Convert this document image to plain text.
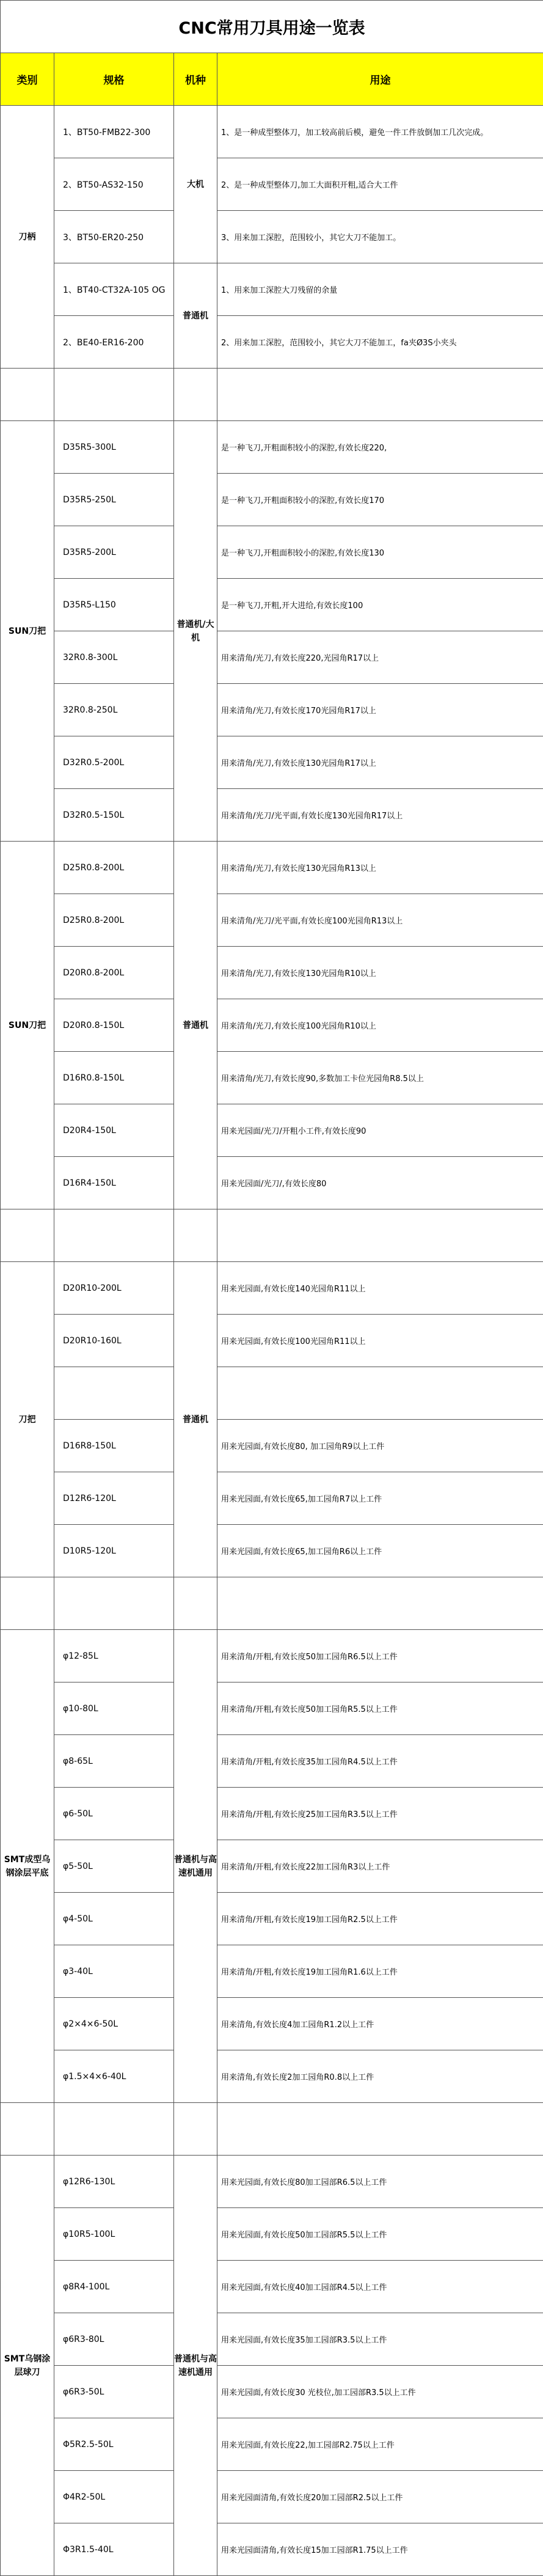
CNC常用刀具用途一览表			
类别	规格	机种	用途
刀柄	1、BT50-FMB22-300	大机	1、是一种成型整体刀，加工较高前后模，避免一件工件放倒加工几次完成。
	2、BT50-AS32-150		2、是一种成型整体刀,加工大面积开粗,适合大工件
	3、BT50-ER20-250		3、用来加工深腔，范围较小，其它大刀不能加工。
	1、BT40-CT32A-105 OG	普通机	1、用来加工深腔大刀残留的余量
	2、BE40-ER16-200		2、用来加工深腔，范围较小，其它大刀不能加工，fa夹Ø3S小夹头

SUN刀把	D35R5-300L	普通机/大机	是一种飞刀,开粗面积较小的深腔,有效长度220,
	D35R5-250L		是一种飞刀,开粗面积较小的深腔,有效长度170
	D35R5-200L		是一种飞刀,开粗面积较小的深腔,有效长度130
	D35R5-L150		是一种飞刀,开粗,开大进给,有效长度100
	32R0.8-300L		用来清角/光刀,有效长度220,光园角R17以上
	32R0.8-250L		用来清角/光刀,有效长度170光园角R17以上
	D32R0.5-200L		用来清角/光刀,有效长度130光园角R17以上
	D32R0.5-150L		用来清角/光刀/光平面,有效长度130光园角R17以上
SUN刀把	D25R0.8-200L	普通机	用来清角/光刀,有效长度130光园角R13以上
	D25R0.8-200L		用来清角/光刀/光平面,有效长度100光园角R13以上
	D20R0.8-200L		用来清角/光刀,有效长度130光园角R10以上
	D20R0.8-150L		用来清角/光刀,有效长度100光园角R10以上
	D16R0.8-150L		用来清角/光刀,有效长度90,多数加工卡位光园角R8.5以上
	D20R4-150L		用来光园面/光刀/开粗小工件,有效长度90
	D16R4-150L		用来光园面/光刀/,有效长度80

刀把	D20R10-200L	普通机	用来光园面,有效长度140光园角R11以上
	D20R10-160L		用来光园面,有效长度100光园角R11以上

	D16R8-150L		用来光园面,有效长度80, 加工园角R9以上工件
	D12R6-120L		用来光园面,有效长度65,加工园角R7以上工件
	D10R5-120L		用来光园面,有效长度65,加工园角R6以上工件

SMT成型乌钢涂层平底	φ12-85L	普通机与高速机通用	用来清角/开粗,有效长度50加工园角R6.5以上工件
	φ10-80L		用来清角/开粗,有效长度50加工园角R5.5以上工件
	φ8-65L		用来清角/开粗,有效长度35加工园角R4.5以上工件
	φ6-50L		用来清角/开粗,有效长度25加工园角R3.5以上工件
	φ5-50L		用来清角/开粗,有效长度22加工园角R3以上工件
	φ4-50L		用来清角/开粗,有效长度19加工园角R2.5以上工件
	φ3-40L		用来清角/开粗,有效长度19加工园角R1.6以上工件
	φ2×4×6-50L		用来清角,有效长度4加工园角R1.2以上工件
	φ1.5×4×6-40L		用来清角,有效长度2加工园角R0.8以上工件

SMT乌钢涂层球刀	φ12R6-130L	普通机与高速机通用	用来光园面,有效长度80加工园部R6.5以上工件
	φ10R5-100L		用来光园面,有效长度50加工园部R5.5以上工件
	φ8R4-100L		用来光园面,有效长度40加工园部R4.5以上工件
	φ6R3-80L		用来光园面,有效长度35加工园部R3.5以上工件
	φ6R3-50L		用来光园面,有效长度30 光枝位,加工园部R3.5以上工件
	Φ5R2.5-50L		用来光园面,有效长度22,加工园部R2.75以上工件
	Φ4R2-50L		用来光园面清角,有效长度20加工园部R2.5以上工件
	Φ3R1.5-40L		用来光园面清角,有效长度15加工园部R1.75以上工件
